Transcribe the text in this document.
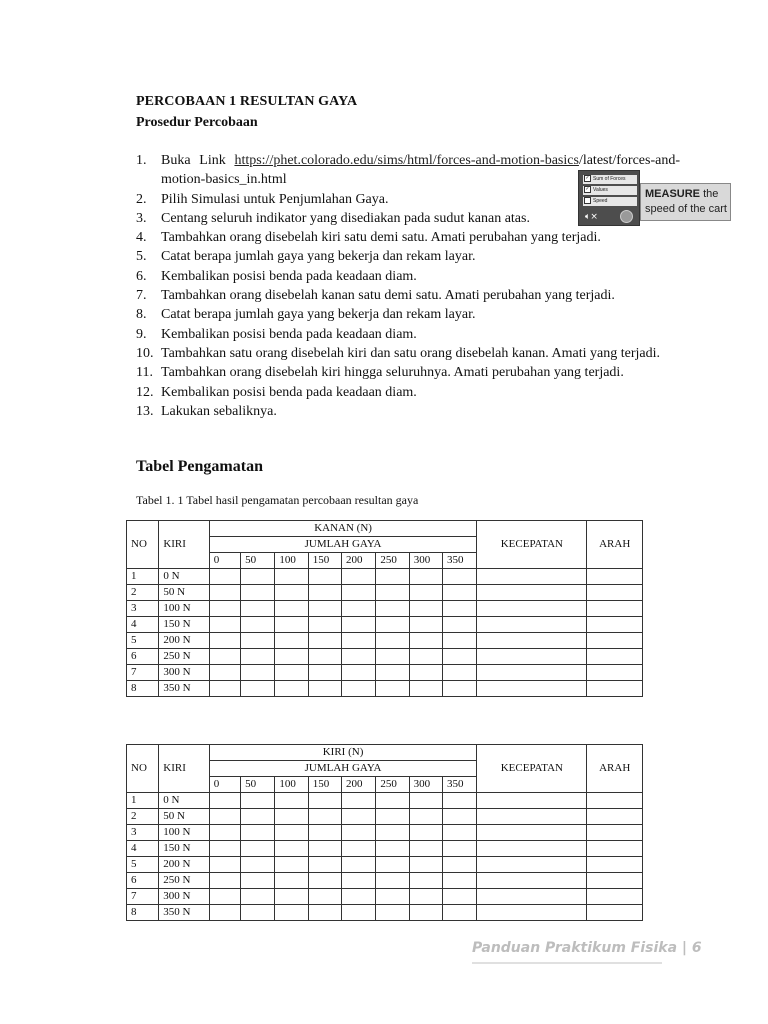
PERCOBAAN 1 RESULTAN GAYA
Prosedur Percobaan
1. Buka Link https://phet.colorado.edu/sims/html/forces-and-motion-basics/latest/forces-and-motion-basics_in.html
2. Pilih Simulasi untuk Penjumlahan Gaya.
3. Centang seluruh indikator yang disediakan pada sudut kanan atas.
4. Tambahkan orang disebelah kiri satu demi satu. Amati perubahan yang terjadi.
5. Catat berapa jumlah gaya yang bekerja dan rekam layar.
6. Kembalikan posisi benda pada keadaan diam.
7. Tambahkan orang disebelah kanan satu demi satu. Amati perubahan yang terjadi.
8. Catat berapa jumlah gaya yang bekerja dan rekam layar.
9. Kembalikan posisi benda pada keadaan diam.
10. Tambahkan satu orang disebelah kiri dan satu orang disebelah kanan. Amati yang terjadi.
11. Tambahkan orang disebelah kiri hingga seluruhnya. Amati perubahan yang terjadi.
12. Kembalikan posisi benda pada keadaan diam.
13. Lakukan sebaliknya.
✓ Sum of Forces
✓ Values
Speed
🔈︎×
MEASURE the
speed of the cart
Tabel Pengamatan
Tabel 1. 1 Tabel hasil pengamatan percobaan resultan gaya
NO	KIRI	KANAN (N)								KECEPATAN	ARAH
		JUMLAH GAYA									
		0	50	100	150	200	250	300	350		
1	0 N										
2	50 N										
3	100 N										
4	150 N										
5	200 N										
6	250 N										
7	300 N										
8	350 N										
NO	KIRI	KIRI (N)								KECEPATAN	ARAH
		JUMLAH GAYA									
		0	50	100	150	200	250	300	350		
1	0 N										
2	50 N										
3	100 N										
4	150 N										
5	200 N										
6	250 N										
7	300 N										
8	350 N										
Panduan Praktikum Fisika | 6
